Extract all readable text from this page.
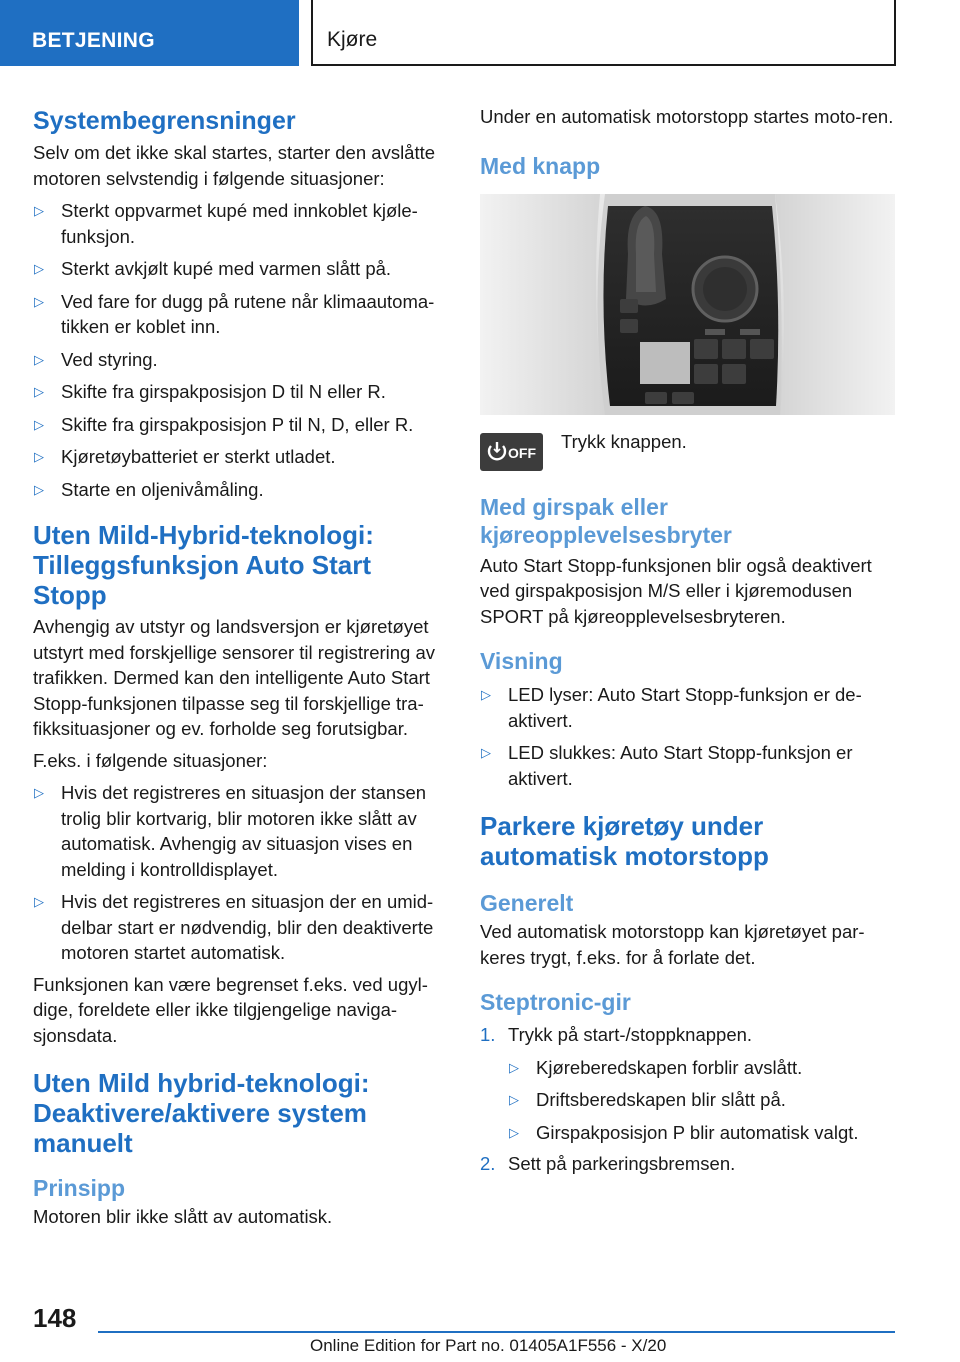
BETJENING	Kjøre
Systembegrensninger

Selv om det ikke skal startes, starter den avslåtte motoren selvstendig i følgende situasjoner:

▷ Sterkt oppvarmet kupé med innkoblet kjøle-funksjon.
▷ Sterkt avkjølt kupé med varmen slått på.
▷ Ved fare for dugg på rutene når klimaautoma-tikken er koblet inn.
▷ Ved styring.
▷ Skifte fra girspakposisjon D til N eller R.
▷ Skifte fra girspakposisjon P til N, D, eller R.
▷ Kjøretøybatteriet er sterkt utladet.
▷ Starte en oljenivåmåling.
Uten Mild-Hybrid-teknologi: Tilleggsfunksjon Auto Start Stopp

Avhengig av utstyr og landsversjon er kjøretøyet utstyrt med forskjellige sensorer til registrering av trafikken. Dermed kan den intelligente Auto Start Stopp-funksjonen tilpasse seg til forskjellige tra-fikksituasjoner og ev. forholde seg forutsigbar.

F.eks. i følgende situasjoner:

▷ Hvis det registreres en situasjon der stansen trolig blir kortvarig, blir motoren ikke slått av automatisk. Avhengig av situasjon vises en melding i kontrolldisplayet.
▷ Hvis det registreres en situasjon der en umid-delbar start er nødvendig, blir den deaktiverte motoren startet automatisk.

Funksjonen kan være begrenset f.eks. ved ugyl-dige, foreldete eller ikke tilgjengelige naviga-sjonsdata.

Uten Mild hybrid-teknologi: Deaktivere/aktivere system manuelt
Prinsipp

Motoren blir ikke slått av automatisk.

Under en automatisk motorstopp startes moto-ren.

Med knapp
OFF
Trykk knappen.
Med girspak eller kjøreopplevelsesbryter

Auto Start Stopp-funksjonen blir også deaktivert ved girspakposisjon M/S eller i kjøremodusen SPORT på kjøreopplevelsesbryteren.

Visning
▷ LED lyser: Auto Start Stopp-funksjon er de-aktivert.
▷ LED slukkes: Auto Start Stopp-funksjon er aktivert.
Parkere kjøretøy under automatisk motorstopp
Generelt

Ved automatisk motorstopp kan kjøretøyet par-keres trygt, f.eks. for å forlate det.

Steptronic-gir
1. Trykk på start-/stoppknappen.
▷ Kjøreberedskapen forblir avslått.
▷ Driftsberedskapen blir slått på.
▷ Girspakposisjon P blir automatisk valgt.
2. Sett på parkeringsbremsen.
148
Online Edition for Part no. 01405A1F556 - X/20
